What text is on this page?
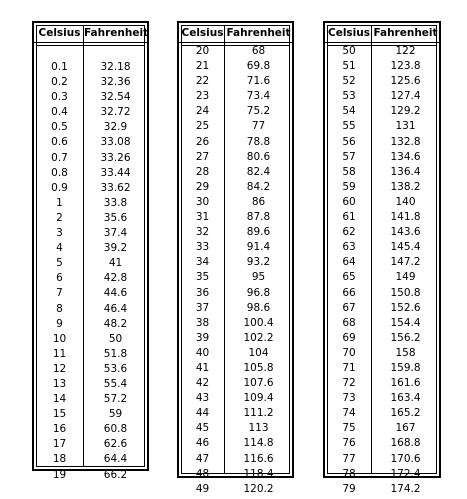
Celsius Fahrenheit
0.1	32.18
0.2	32.36
0.3	32.54
0.4	32.72
0.5	32.9
0.6	33.08
0.7	33.26
0.8	33.44
0.9	33.62
1	33.8
2	35.6
3	37.4
4	39.2
5	41
6	42.8
7	44.6
8	46.4
9	48.2
10	50
11	51.8
12	53.6
13	55.4
14	57.2
15	59
16	60.8
17	62.6
18	64.4
19	66.2
Celsius Fahrenheit
20	68
21	69.8
22	71.6
23	73.4
24	75.2
25	77
26	78.8
27	80.6
28	82.4
29	84.2
30	86
31	87.8
32	89.6
33	91.4
34	93.2
35	95
36	96.8
37	98.6
38	100.4
39	102.2
40	104
41	105.8
42	107.6
43	109.4
44	111.2
45	113
46	114.8
47	116.6
48	118.4
49	120.2
Celsius Fahrenheit
50	122
51	123.8
52	125.6
53	127.4
54	129.2
55	131
56	132.8
57	134.6
58	136.4
59	138.2
60	140
61	141.8
62	143.6
63	145.4
64	147.2
65	149
66	150.8
67	152.6
68	154.4
69	156.2
70	158
71	159.8
72	161.6
73	163.4
74	165.2
75	167
76	168.8
77	170.6
78	172.4
79	174.2
